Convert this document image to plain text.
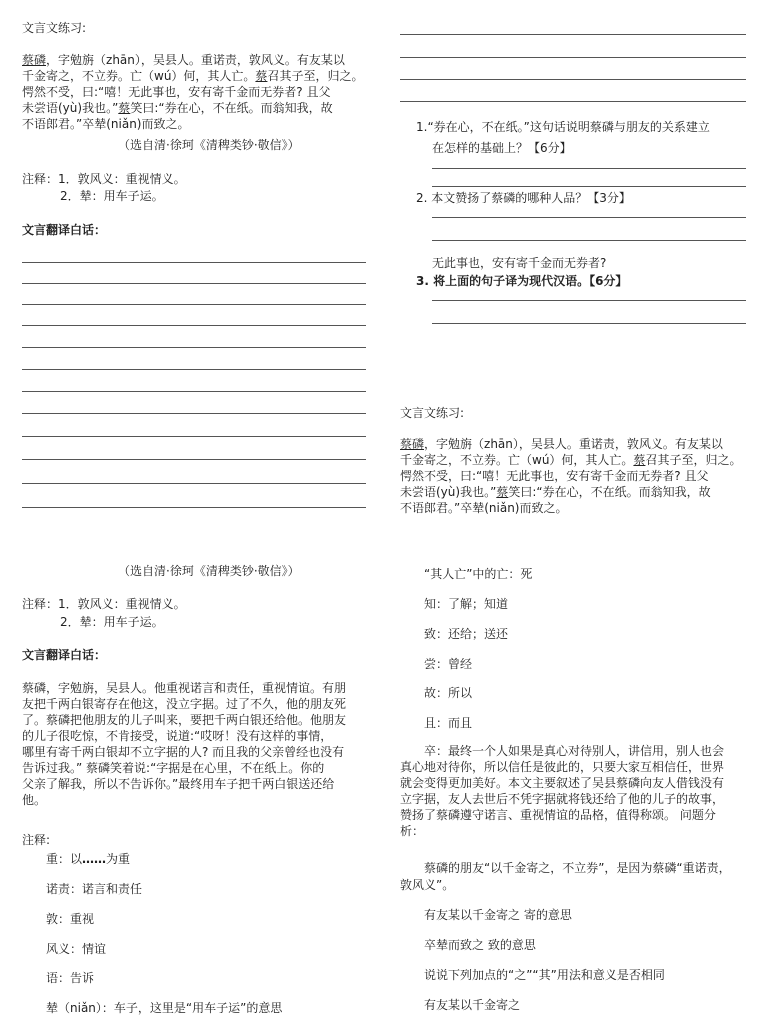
文言文练习:
蔡磷，字勉旃（zhān），吴县人。重诺责，敦风义。有友某以
千金寄之，不立券。亡（wú）何，其人亡。蔡召其子至，归之。
愕然不受，曰:“嘻！无此事也，安有寄千金而无券者? 且父
未尝语(yù)我也。”蔡笑曰:“券在心，不在纸。而翁知我，故
不语郎君。”卒辇(niǎn)而致之。
（选自清·徐珂《清稗类钞·敬信》）
注释：1．敦风义：重视情义。
2．辇：用车子运。
文言翻译白话：
1.“券在心，不在纸。”这句话说明蔡磷与朋友的关系建立
在怎样的基础上？【6分】
2. 本文赞扬了蔡磷的哪种人品？【3分】
无此事也，安有寄千金而无券者?
3. 将上面的句子译为现代汉语。【6分】
文言文练习:
蔡磷，字勉旃（zhān），吴县人。重诺责，敦风义。有友某以
千金寄之，不立券。亡（wú）何，其人亡。蔡召其子至，归之。
愕然不受，曰:“嘻！无此事也，安有寄千金而无券者? 且父
未尝语(yù)我也。”蔡笑曰:“券在心，不在纸。而翁知我，故
不语郎君。”卒辇(niǎn)而致之。
（选自清·徐珂《清稗类钞·敬信》）
注释：1．敦风义：重视情义。
2．辇：用车子运。
文言翻译白话：
蔡磷，字勉旃，吴县人。他重视诺言和责任，重视情谊。有朋
友把千两白银寄存在他这，没立字据。过了不久，他的朋友死
了。蔡磷把他朋友的儿子叫来，要把千两白银还给他。他朋友
的儿子很吃惊，不肯接受，说道:“哎呀！没有这样的事情，
哪里有寄千两白银却不立字据的人? 而且我的父亲曾经也没有
告诉过我。” 蔡磷笑着说:“字据是在心里，不在纸上。你的
父亲了解我，所以不告诉你。”最终用车子把千两白银送还给
他。
注释:
重：以……为重
诺责：诺言和责任
敦：重视
风义：情谊
语：告诉
辇（niǎn）：车子，这里是“用车子运”的意思
“其人亡”中的亡：死
知：了解；知道
致：还给；送还
尝：曾经
故：所以
且：而且
卒：最终一个人如果是真心对待别人，讲信用，别人也会
真心地对待你，所以信任是彼此的，只要大家互相信任，世界
就会变得更加美好。本文主要叙述了吴县蔡磷向友人借钱没有
立字据，友人去世后不凭字据就将钱还给了他的儿子的故事，
赞扬了蔡磷遵守诺言、重视情谊的品格，值得称颂。 问题分
析：
蔡磷的朋友“以千金寄之，不立券”，是因为蔡磷“重诺责，
敦风义”。
有友某以千金寄之 寄的意思
卒辇而致之 致的意思
说说下列加点的“之”“其”用法和意义是否相同
有友某以千金寄之
